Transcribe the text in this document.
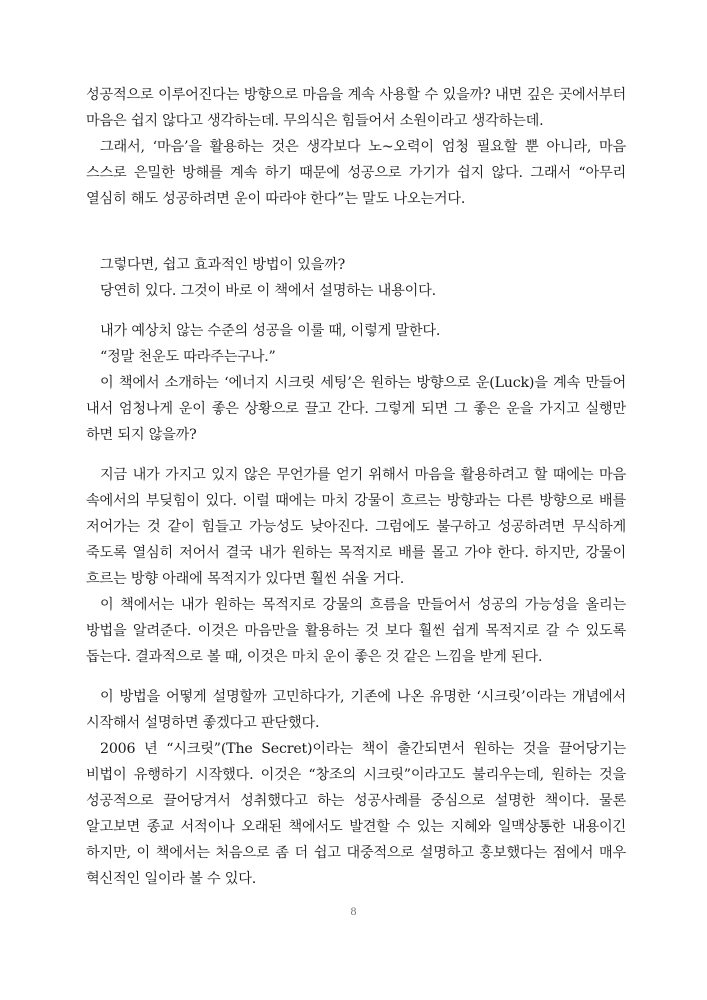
성공적으로 이루어진다는 방향으로 마음을 계속 사용할 수 있을까? 내면 깊은 곳에서부터 마음은 쉽지 않다고 생각하는데. 무의식은 힘들어서 소원이라고 생각하는데.

그래서, ‘마음’을 활용하는 것은 생각보다 노~오력이 엄청 필요할 뿐 아니라, 마음 스스로 은밀한 방해를 계속 하기 때문에 성공으로 가기가 쉽지 않다. 그래서 “아무리 열심히 해도 성공하려면 운이 따라야 한다”는 말도 나오는거다.

그렇다면, 쉽고 효과적인 방법이 있을까?

당연히 있다. 그것이 바로 이 책에서 설명하는 내용이다.

내가 예상치 않는 수준의 성공을 이룰 때, 이렇게 말한다.

“정말 천운도 따라주는구나.”

이 책에서 소개하는 ‘에너지 시크릿 세팅’은 원하는 방향으로 운(Luck)을 계속 만들어 내서 엄청나게 운이 좋은 상황으로 끌고 간다. 그렇게 되면 그 좋은 운을 가지고 실행만 하면 되지 않을까?

지금 내가 가지고 있지 않은 무언가를 얻기 위해서 마음을 활용하려고 할 때에는 마음 속에서의 부딪힘이 있다. 이럴 때에는 마치 강물이 흐르는 방향과는 다른 방향으로 배를 저어가는 것 같이 힘들고 가능성도 낮아진다. 그럼에도 불구하고 성공하려면 무식하게 죽도록 열심히 저어서 결국 내가 원하는 목적지로 배를 몰고 가야 한다. 하지만, 강물이 흐르는 방향 아래에 목적지가 있다면 훨씬 쉬울 거다.

이 책에서는 내가 원하는 목적지로 강물의 흐름을 만들어서 성공의 가능성을 올리는 방법을 알려준다. 이것은 마음만을 활용하는 것 보다 훨씬 쉽게 목적지로 갈 수 있도록 돕는다. 결과적으로 볼 때, 이것은 마치 운이 좋은 것 같은 느낌을 받게 된다.

이 방법을 어떻게 설명할까 고민하다가, 기존에 나온 유명한 ‘시크릿’이라는 개념에서 시작해서 설명하면 좋겠다고 판단했다.

2006 년 “시크릿”(The Secret)이라는 책이 출간되면서 원하는 것을 끌어당기는 비법이 유행하기 시작했다. 이것은 “창조의 시크릿”이라고도 불리우는데, 원하는 것을 성공적으로 끌어당겨서 성취했다고 하는 성공사례를 중심으로 설명한 책이다. 물론 알고보면 종교 서적이나 오래된 책에서도 발견할 수 있는 지혜와 일맥상통한 내용이긴 하지만, 이 책에서는 처음으로 좀 더 쉽고 대중적으로 설명하고 홍보했다는 점에서 매우 혁신적인 일이라 볼 수 있다.

8
